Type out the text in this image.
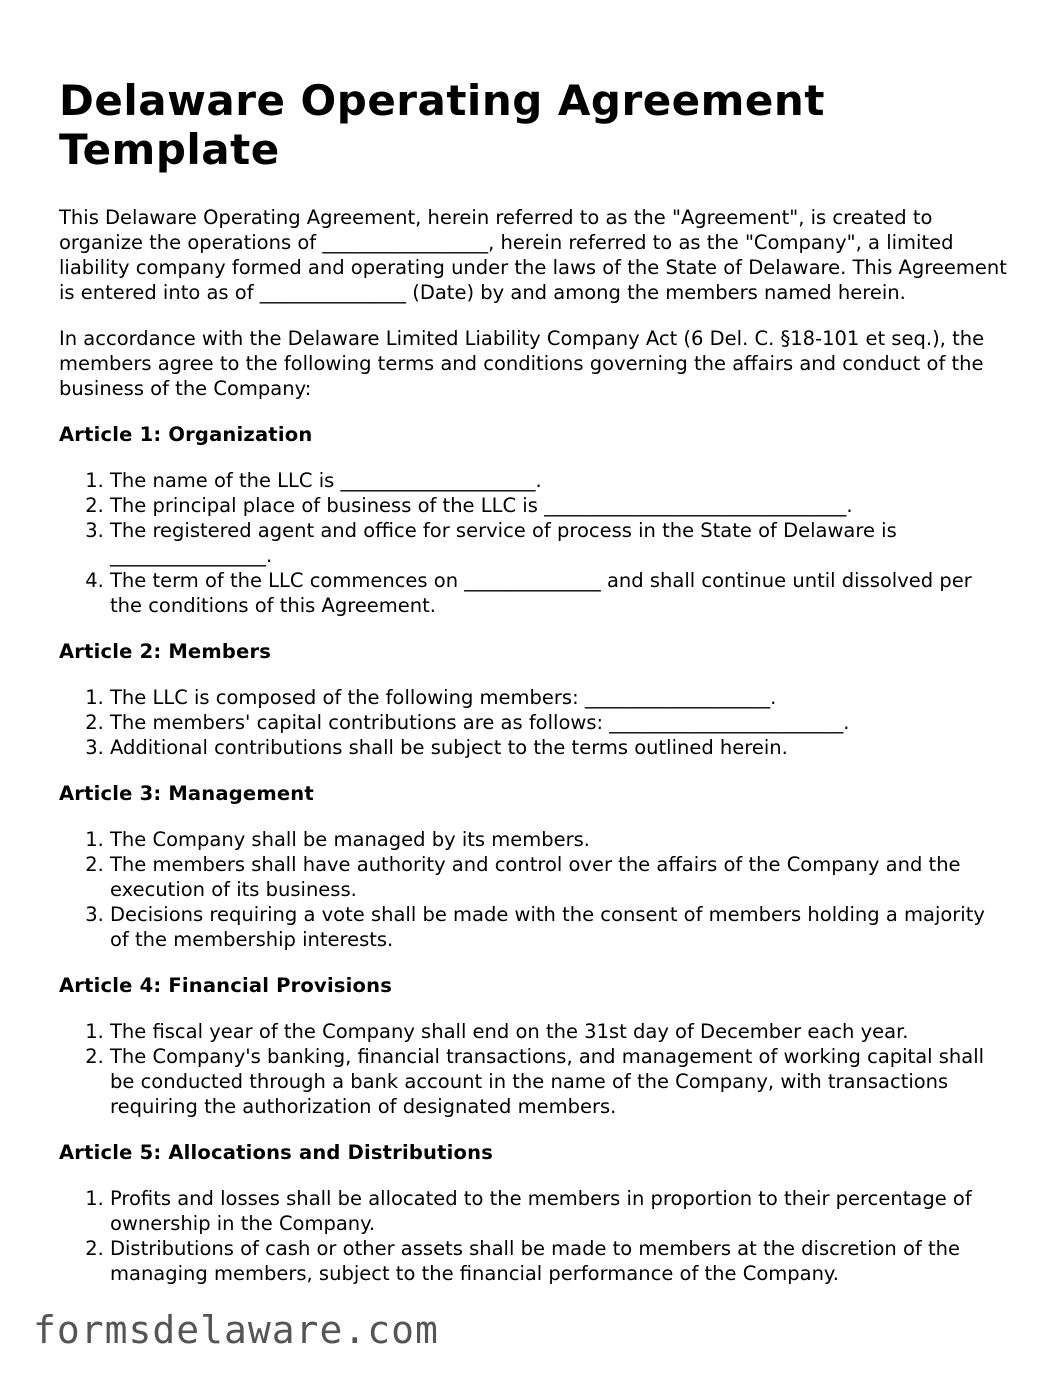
Delaware Operating Agreement Template

This Delaware Operating Agreement, herein referred to as the "Agreement", is created to organize the operations of _________________, herein referred to as the "Company", a limited liability company formed and operating under the laws of the State of Delaware. This Agreement is entered into as of _______________ (Date) by and among the members named herein.

In accordance with the Delaware Limited Liability Company Act (6 Del. C. §18-101 et seq.), the members agree to the following terms and conditions governing the affairs and conduct of the business of the Company:

Article 1: Organization
1. The name of the LLC is ____________________.
2. The principal place of business of the LLC is _______________________________.
3. The registered agent and office for service of process in the State of Delaware is ________________.
4. The term of the LLC commences on ______________ and shall continue until dissolved per the conditions of this Agreement.
Article 2: Members
1. The LLC is composed of the following members: ___________________.
2. The members' capital contributions are as follows: ________________________.
3. Additional contributions shall be subject to the terms outlined herein.
Article 3: Management
1. The Company shall be managed by its members.
2. The members shall have authority and control over the affairs of the Company and the execution of its business.
3. Decisions requiring a vote shall be made with the consent of members holding a majority of the membership interests.
Article 4: Financial Provisions
1. The fiscal year of the Company shall end on the 31st day of December each year.
2. The Company's banking, financial transactions, and management of working capital shall be conducted through a bank account in the name of the Company, with transactions requiring the authorization of designated members.
Article 5: Allocations and Distributions
1. Profits and losses shall be allocated to the members in proportion to their percentage of ownership in the Company.
2. Distributions of cash or other assets shall be made to members at the discretion of the managing members, subject to the financial performance of the Company.
formsdelaware.com
